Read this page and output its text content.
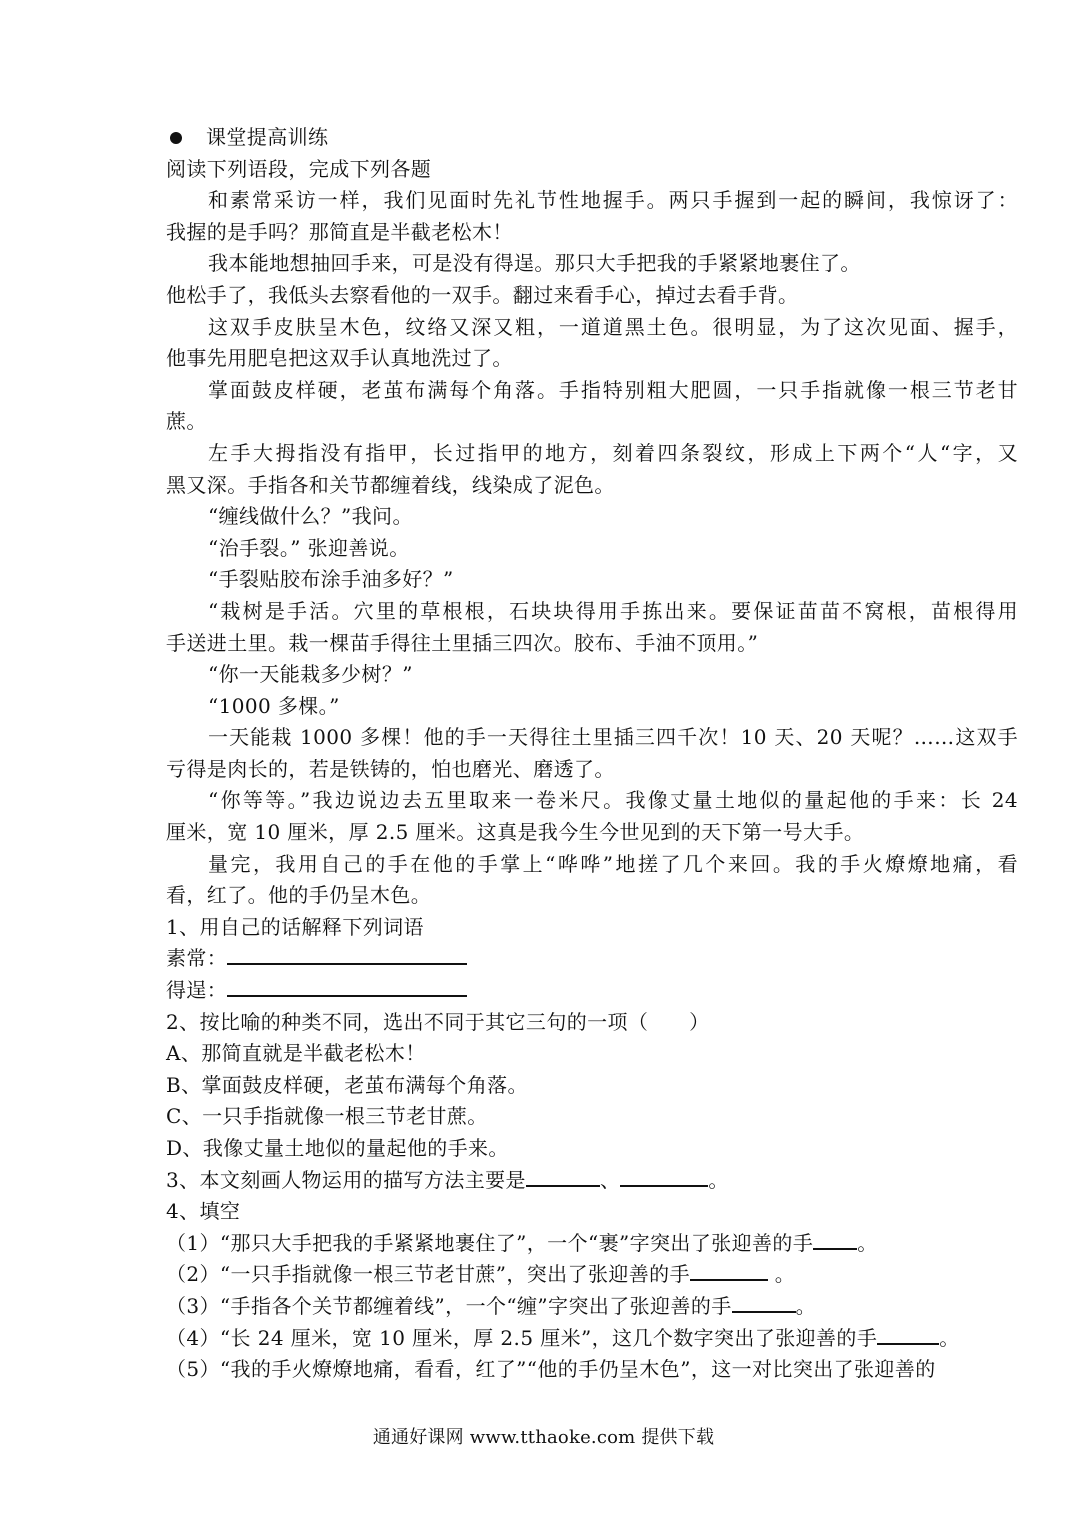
课堂提高训练
阅读下列语段，完成下列各题
和素常采访一样，我们见面时先礼节性地握手。两只手握到一起的瞬间，我惊讶了：
我握的是手吗？那简直是半截老松木！
我本能地想抽回手来，可是没有得逞。那只大手把我的手紧紧地裹住了。
他松手了，我低头去察看他的一双手。翻过来看手心，掉过去看手背。
这双手皮肤呈木色，纹络又深又粗，一道道黑土色。很明显，为了这次见面、握手，
他事先用肥皂把这双手认真地洗过了。
掌面鼓皮样硬，老茧布满每个角落。手指特别粗大肥圆，一只手指就像一根三节老甘
蔗。
左手大拇指没有指甲，长过指甲的地方，刻着四条裂纹，形成上下两个“人“字，又
黑又深。手指各和关节都缠着线，线染成了泥色。
“缠线做什么？”我问。
“治手裂。” 张迎善说。
“手裂贴胶布涂手油多好？”
“栽树是手活。穴里的草根根，石块块得用手拣出来。要保证苗苗不窝根，苗根得用
手送进土里。栽一棵苗手得往土里插三四次。胶布、手油不顶用。”
“你一天能栽多少树？”
“1000 多棵。”
一天能栽 1000 多棵！他的手一天得往土里插三四千次！10 天、20 天呢？……这双手
亏得是肉长的，若是铁铸的，怕也磨光、磨透了。
“你等等。”我边说边去五里取来一卷米尺。我像丈量土地似的量起他的手来：长 24
厘米，宽 10 厘米，厚 2.5 厘米。这真是我今生今世见到的天下第一号大手。
量完，我用自己的手在他的手掌上“哗哗”地搓了几个来回。我的手火燎燎地痛，看
看，红了。他的手仍呈木色。
1、用自己的话解释下列词语
素常：
得逞：
2、按比喻的种类不同，选出不同于其它三句的一项（　　）
A、那简直就是半截老松木！
B、掌面鼓皮样硬，老茧布满每个角落。
C、一只手指就像一根三节老甘蔗。
D、我像丈量土地似的量起他的手来。
3、本文刻画人物运用的描写方法主要是	、	。
4、填空
（1）“那只大手把我的手紧紧地裹住了”，一个“裹”字突出了张迎善的手 。
（2）“一只手指就像一根三节老甘蔗”，突出了张迎善的手	。
（3）“手指各个关节都缠着线”，一个“缠”字突出了张迎善的手	。
（4）“长 24 厘米，宽 10 厘米，厚 2.5 厘米”，这几个数字突出了张迎善的手	。
（5）“我的手火燎燎地痛，看看，红了”“他的手仍呈木色”，这一对比突出了张迎善的
通通好课网 www.tthaoke.com 提供下载
